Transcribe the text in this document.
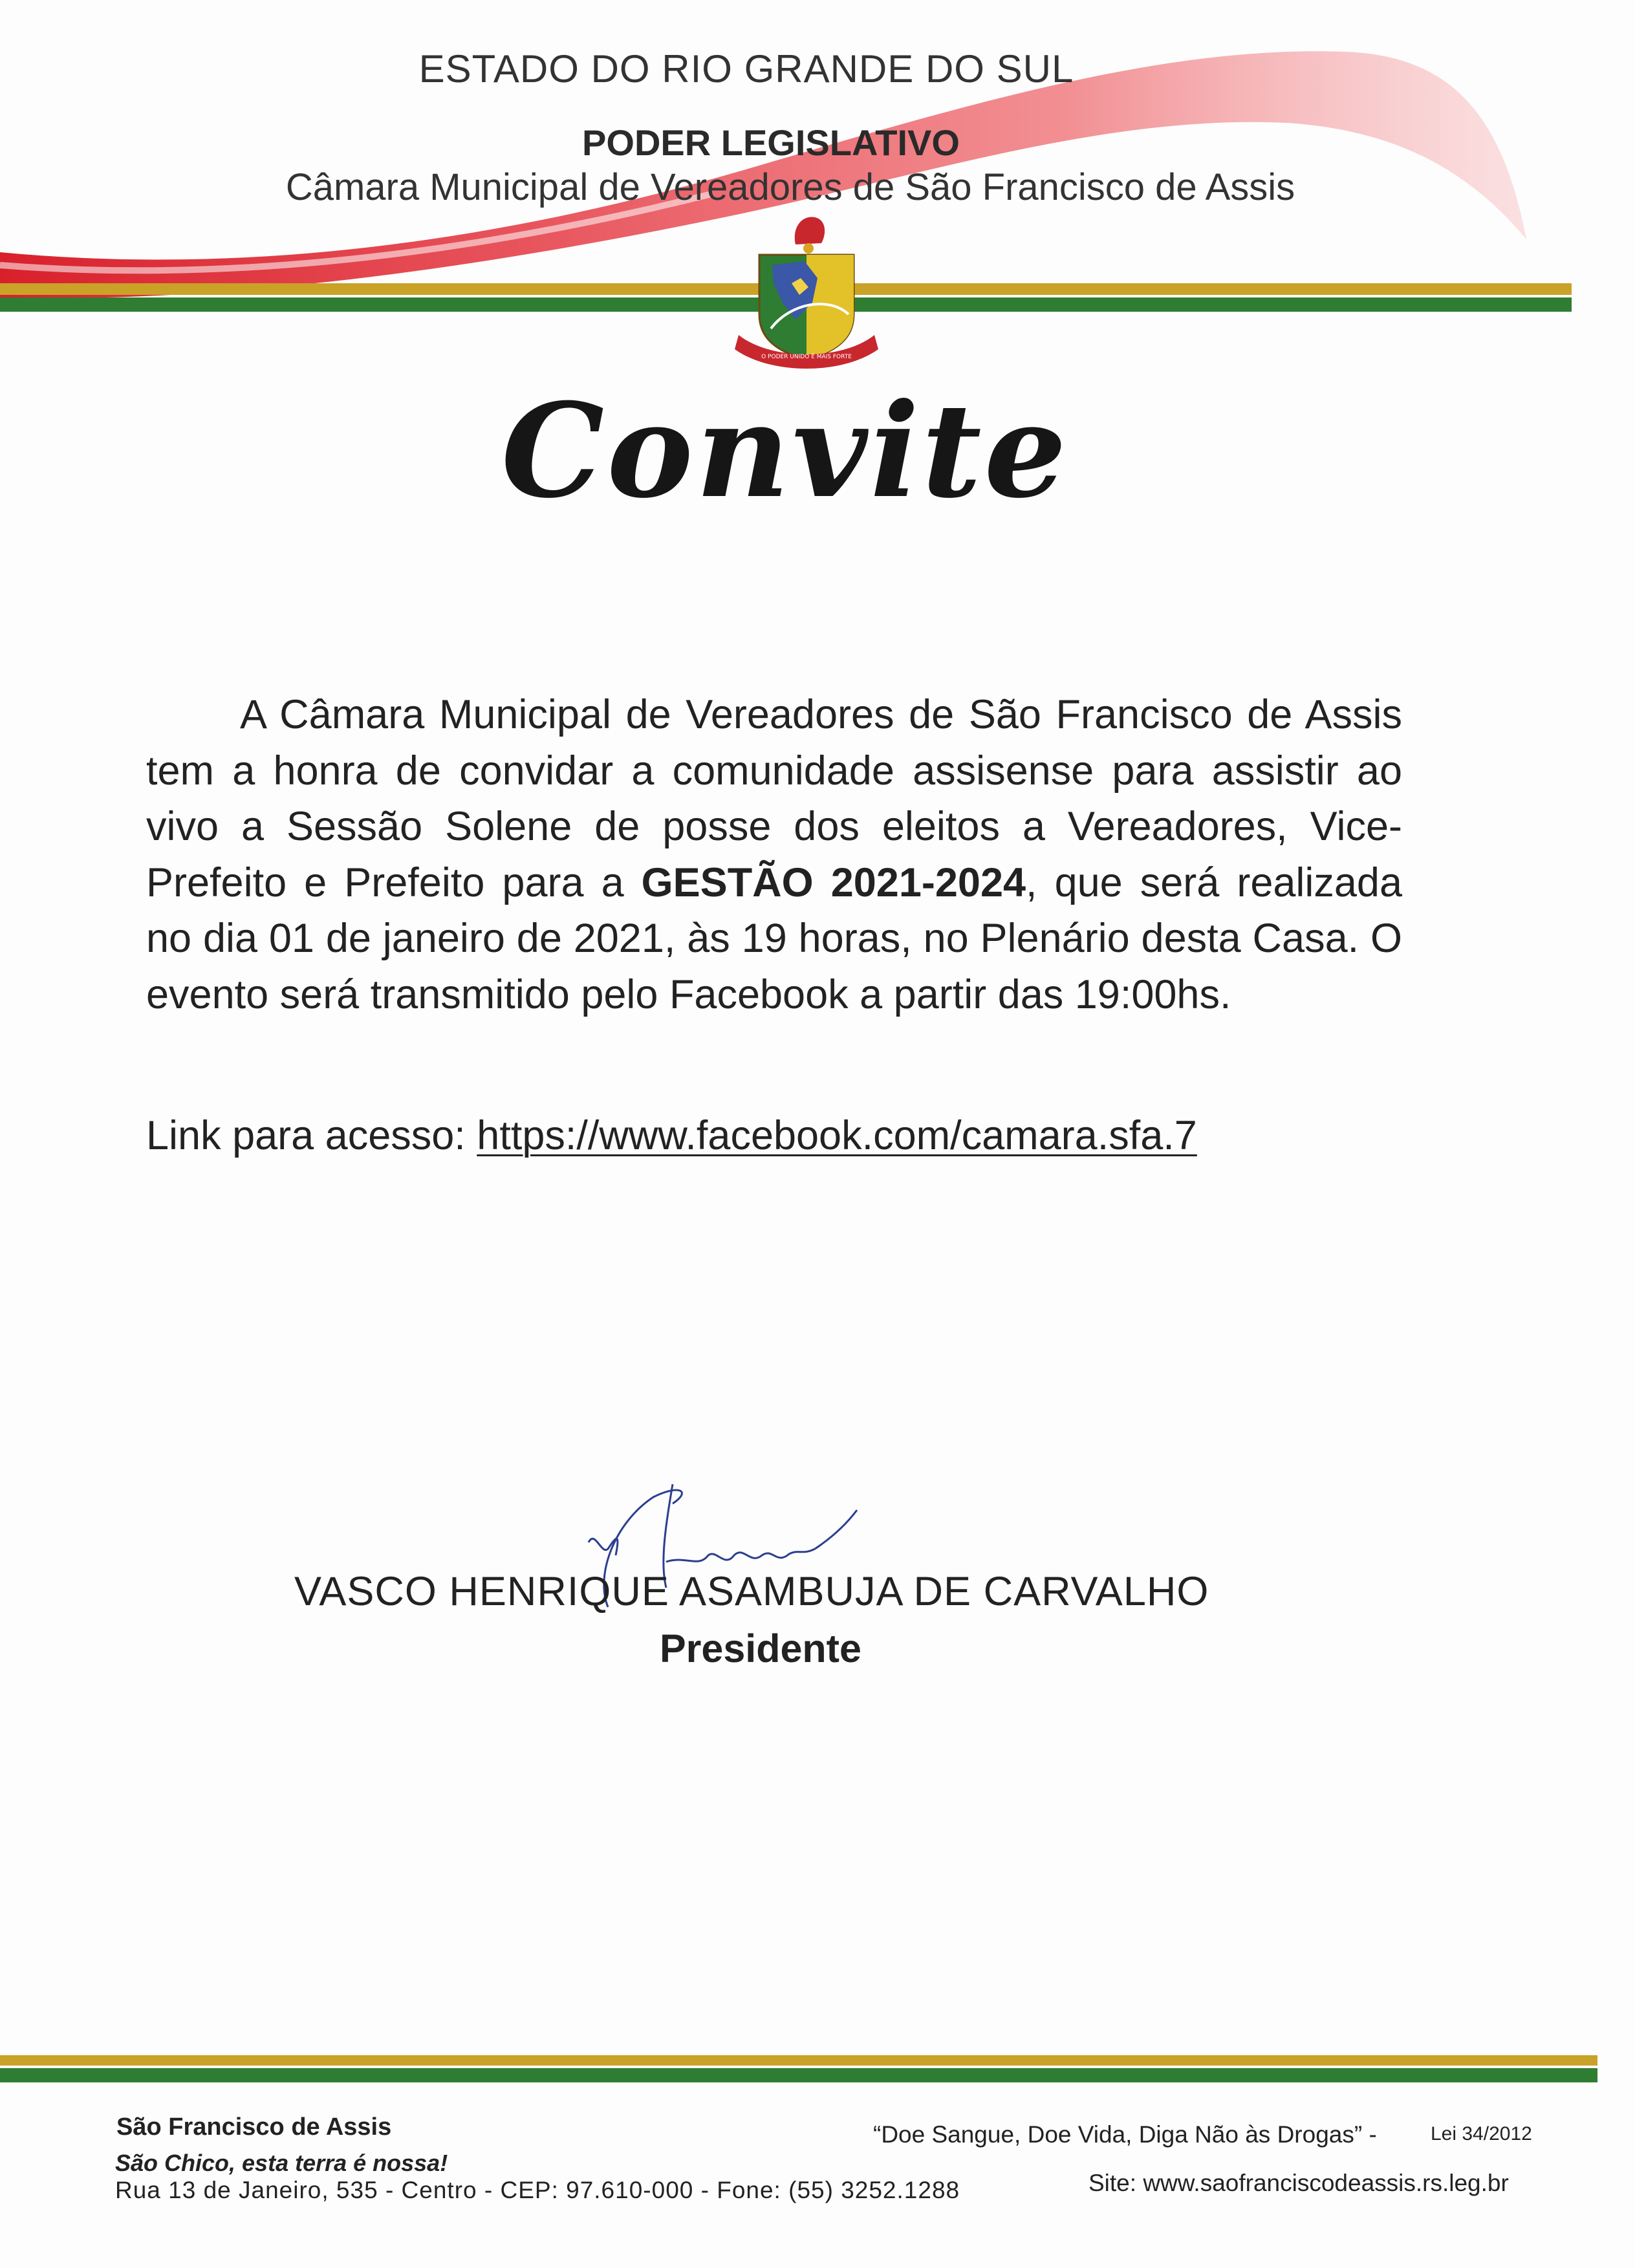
ESTADO DO RIO GRANDE DO SUL
PODER LEGISLATIVO
Câmara Municipal de Vereadores de São Francisco de Assis
O PODER UNIDO É MAIS FORTE
Convite
A Câmara Municipal de Vereadores de São Francisco de Assis tem a honra de convidar a comunidade assisense para assistir ao vivo a Sessão Solene de posse dos eleitos a Vereadores, Vice-Prefeito e Prefeito para a GESTÃO 2021-2024, que será realizada no dia 01 de janeiro de 2021, às 19 horas, no Plenário desta Casa. O evento será transmitido pelo Facebook a partir das 19:00hs.
Link para acesso: https://www.facebook.com/camara.sfa.7
VASCO HENRIQUE ASAMBUJA DE CARVALHO
Presidente
São Francisco de Assis
São Chico, esta terra é nossa!
Rua 13 de Janeiro, 535 - Centro - CEP: 97.610-000 - Fone: (55) 3252.1288
“Doe Sangue, Doe Vida, Diga Não às Drogas” -	Lei 34/2012
Site: www.saofranciscodeassis.rs.leg.br
